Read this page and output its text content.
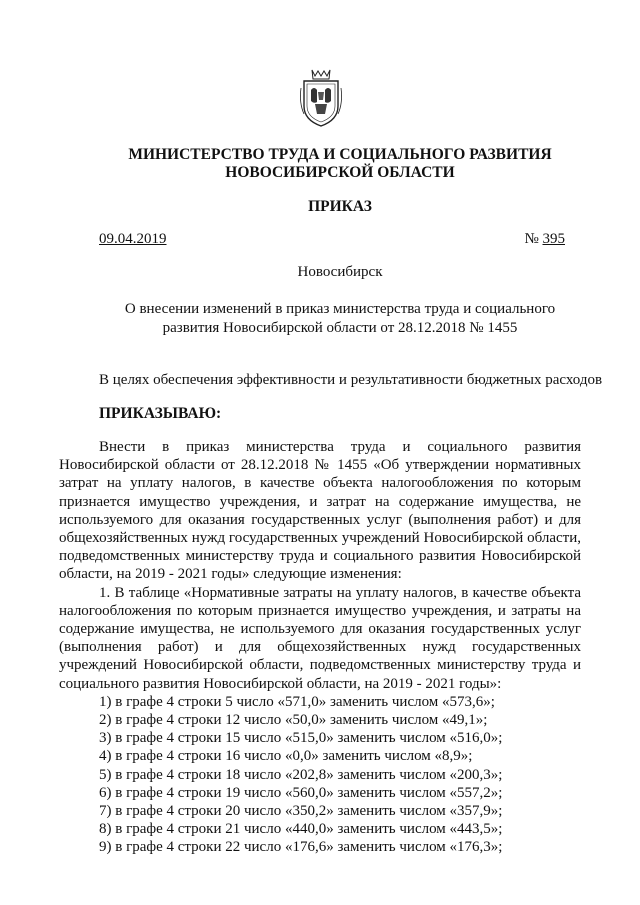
МИНИСТЕРСТВО ТРУДА И СОЦИАЛЬНОГО РАЗВИТИЯ
НОВОСИБИРСКОЙ ОБЛАСТИ
ПРИКАЗ
09.04.2019	№ 395
Новосибирск
О внесении изменений в приказ министерства труда и социального
развития Новосибирской области от 28.12.2018 № 1455
В целях обеспечения эффективности и результативности бюджетных расходов
ПРИКАЗЫВАЮ:

Внести в приказ министерства труда и социального развития Новосибирской области от 28.12.2018 № 1455 «Об утверждении нормативных затрат на уплату налогов, в качестве объекта налогообложения по которым признается имущество учреждения, и затрат на содержание имущества, не используемого для оказания государственных услуг (выполнения работ) и для общехозяйственных нужд государственных учреждений Новосибирской области, подведомственных министерству труда и социального развития Новосибирской области, на 2019 - 2021 годы» следующие изменения:

1. В таблице «Нормативные затраты на уплату налогов, в качестве объекта налогообложения по которым признается имущество учреждения, и затраты на содержание имущества, не используемого для оказания государственных услуг (выполнения работ) и для общехозяйственных нужд государственных учреждений Новосибирской области, подведомственных министерству труда и социального развития Новосибирской области, на 2019 - 2021 годы»:

1) в графе 4 строки 5 число «571,0» заменить числом «573,6»;

2) в графе 4 строки 12 число «50,0» заменить числом «49,1»;

3) в графе 4 строки 15 число «515,0» заменить числом «516,0»;

4) в графе 4 строки 16 число «0,0» заменить числом «8,9»;

5) в графе 4 строки 18 число «202,8» заменить числом «200,3»;

6) в графе 4 строки 19 число «560,0» заменить числом «557,2»;

7) в графе 4 строки 20 число «350,2» заменить числом «357,9»;

8) в графе 4 строки 21 число «440,0» заменить числом «443,5»;

9) в графе 4 строки 22 число «176,6» заменить числом «176,3»;
